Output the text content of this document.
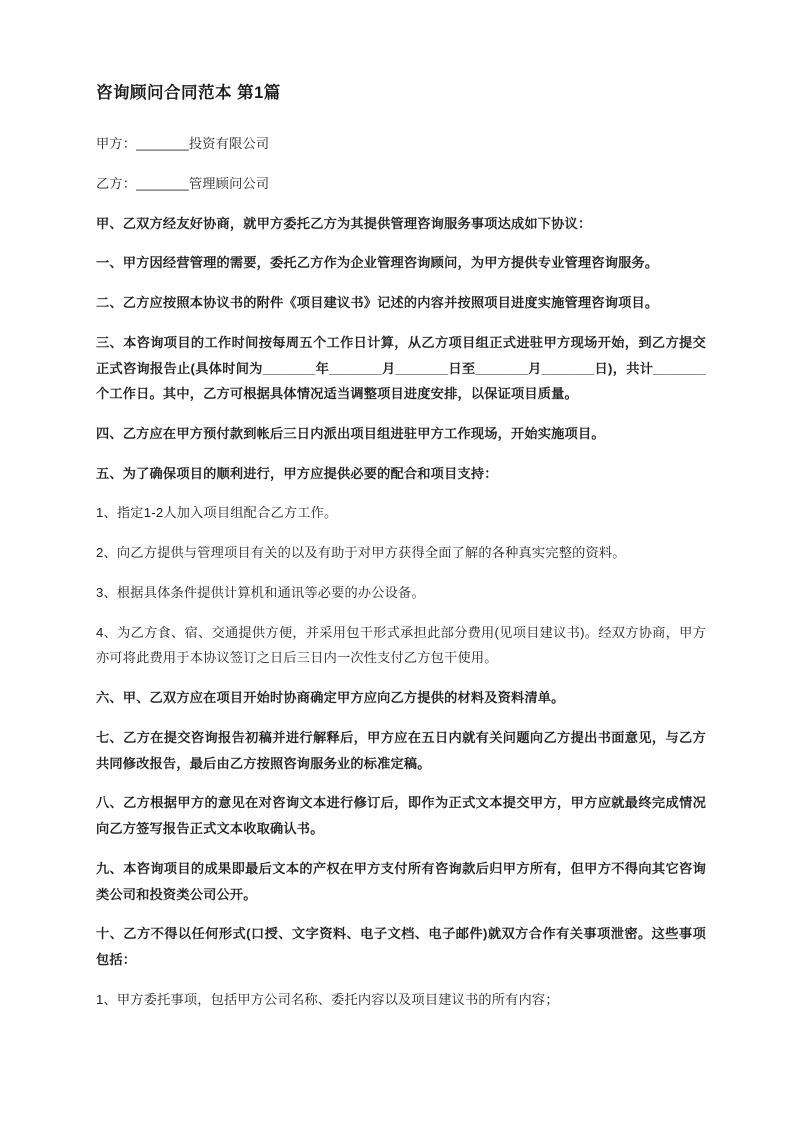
咨询顾问合同范本 第1篇

甲方：_______投资有限公司

乙方：_______管理顾问公司

甲、乙双方经友好协商，就甲方委托乙方为其提供管理咨询服务事项达成如下协议：

一、甲方因经营管理的需要，委托乙方作为企业管理咨询顾问，为甲方提供专业管理咨询服务。

二、乙方应按照本协议书的附件《项目建议书》记述的内容并按照项目进度实施管理咨询项目。

三、本咨询项目的工作时间按每周五个工作日计算，从乙方项目组正式进驻甲方现场开始，到乙方提交正式咨询报告止(具体时间为_______年_______月_______日至_______月_______日)，共计_______个工作日。其中，乙方可根据具体情况适当调整项目进度安排，以保证项目质量。

四、乙方应在甲方预付款到帐后三日内派出项目组进驻甲方工作现场，开始实施项目。

五、为了确保项目的顺利进行，甲方应提供必要的配合和项目支持：

1、指定1-2人加入项目组配合乙方工作。

2、向乙方提供与管理项目有关的以及有助于对甲方获得全面了解的各种真实完整的资料。

3、根据具体条件提供计算机和通讯等必要的办公设备。

4、为乙方食、宿、交通提供方便，并采用包干形式承担此部分费用(见项目建议书)。经双方协商，甲方亦可将此费用于本协议签订之日后三日内一次性支付乙方包干使用。

六、甲、乙双方应在项目开始时协商确定甲方应向乙方提供的材料及资料清单。

七、乙方在提交咨询报告初稿并进行解释后，甲方应在五日内就有关问题向乙方提出书面意见，与乙方共同修改报告，最后由乙方按照咨询服务业的标准定稿。

八、乙方根据甲方的意见在对咨询文本进行修订后，即作为正式文本提交甲方，甲方应就最终完成情况向乙方签写报告正式文本收取确认书。

九、本咨询项目的成果即最后文本的产权在甲方支付所有咨询款后归甲方所有，但甲方不得向其它咨询类公司和投资类公司公开。

十、乙方不得以任何形式(口授、文字资料、电子文档、电子邮件)就双方合作有关事项泄密。这些事项包括：

1、甲方委托事项，包括甲方公司名称、委托内容以及项目建议书的所有内容；
